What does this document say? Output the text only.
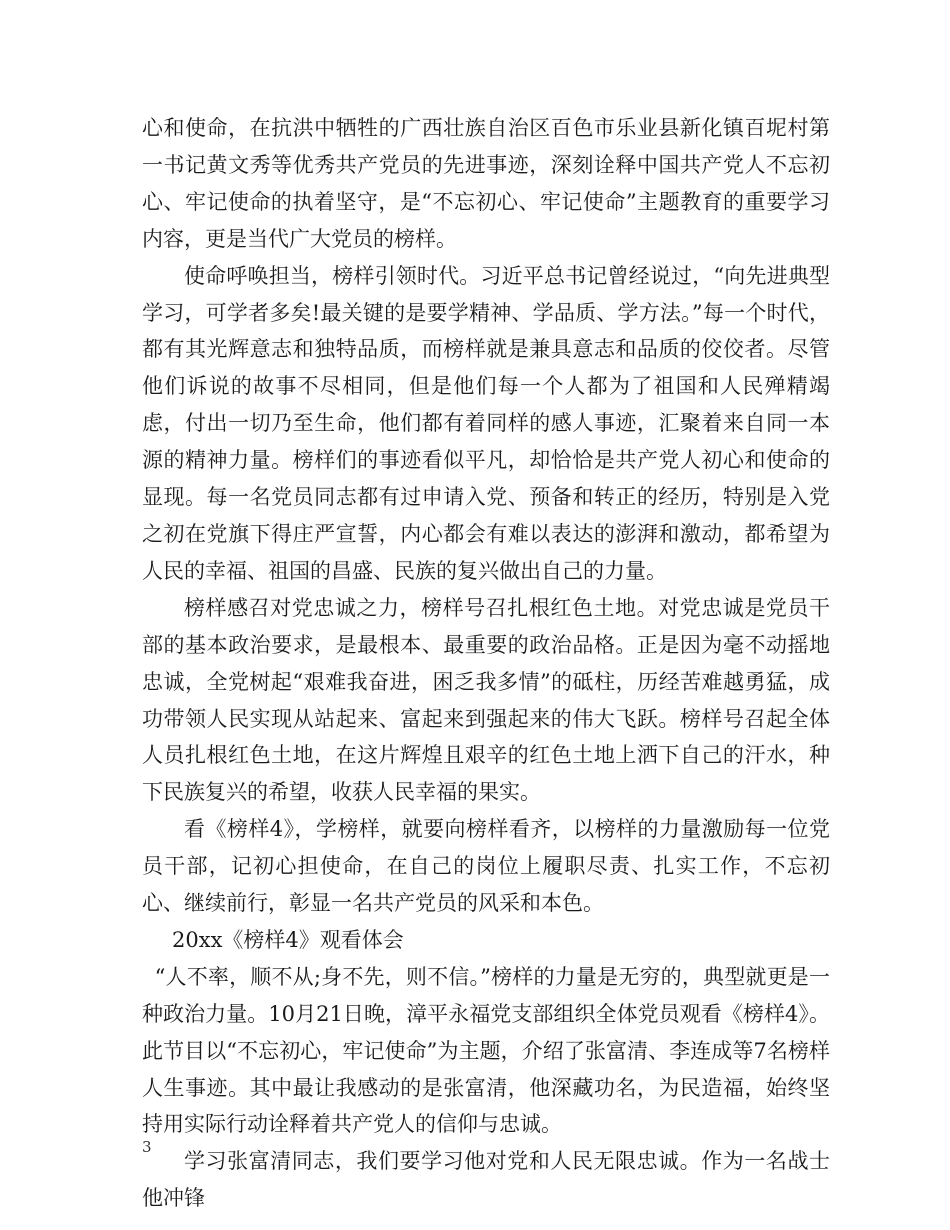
心和使命，在抗洪中牺牲的广西壮族自治区百色市乐业县新化镇百坭村第一书记黄文秀等优秀共产党员的先进事迹，深刻诠释中国共产党人不忘初心、牢记使命的执着坚守，是“不忘初心、牢记使命”主题教育的重要学习内容，更是当代广大党员的榜样。

使命呼唤担当，榜样引领时代。习近平总书记曾经说过，“向先进典型学习，可学者多矣!最关键的是要学精神、学品质、学方法。”每一个时代，都有其光辉意志和独特品质，而榜样就是兼具意志和品质的佼佼者。尽管他们诉说的故事不尽相同，但是他们每一个人都为了祖国和人民殚精竭虑，付出一切乃至生命，他们都有着同样的感人事迹，汇聚着来自同一本源的精神力量。榜样们的事迹看似平凡，却恰恰是共产党人初心和使命的显现。每一名党员同志都有过申请入党、预备和转正的经历，特别是入党之初在党旗下得庄严宣誓，内心都会有难以表达的澎湃和激动，都希望为人民的幸福、祖国的昌盛、民族的复兴做出自己的力量。

榜样感召对党忠诚之力，榜样号召扎根红色土地。对党忠诚是党员干部的基本政治要求，是最根本、最重要的政治品格。正是因为毫不动摇地忠诚，全党树起“艰难我奋进，困乏我多情”的砥柱，历经苦难越勇猛，成功带领人民实现从站起来、富起来到强起来的伟大飞跃。榜样号召起全体人员扎根红色土地，在这片辉煌且艰辛的红色土地上洒下自己的汗水，种下民族复兴的希望，收获人民幸福的果实。

看《榜样4》，学榜样，就要向榜样看齐，以榜样的力量激励每一位党员干部，记初心担使命，在自己的岗位上履职尽责、扎实工作，不忘初心、继续前行，彰显一名共产党员的风采和本色。

20xx《榜样4》观看体会

“人不率，顺不从;身不先，则不信。”榜样的力量是无穷的，典型就更是一种政治力量。10月21日晚，漳平永福党支部组织全体党员观看《榜样4》。此节目以“不忘初心，牢记使命”为主题，介绍了张富清、李连成等7名榜样人生事迹。其中最让我感动的是张富清，他深藏功名，为民造福，始终坚持用实际行动诠释着共产党人的信仰与忠诚。

学习张富清同志，我们要学习他对党和人民无限忠诚。作为一名战士他冲锋

3
